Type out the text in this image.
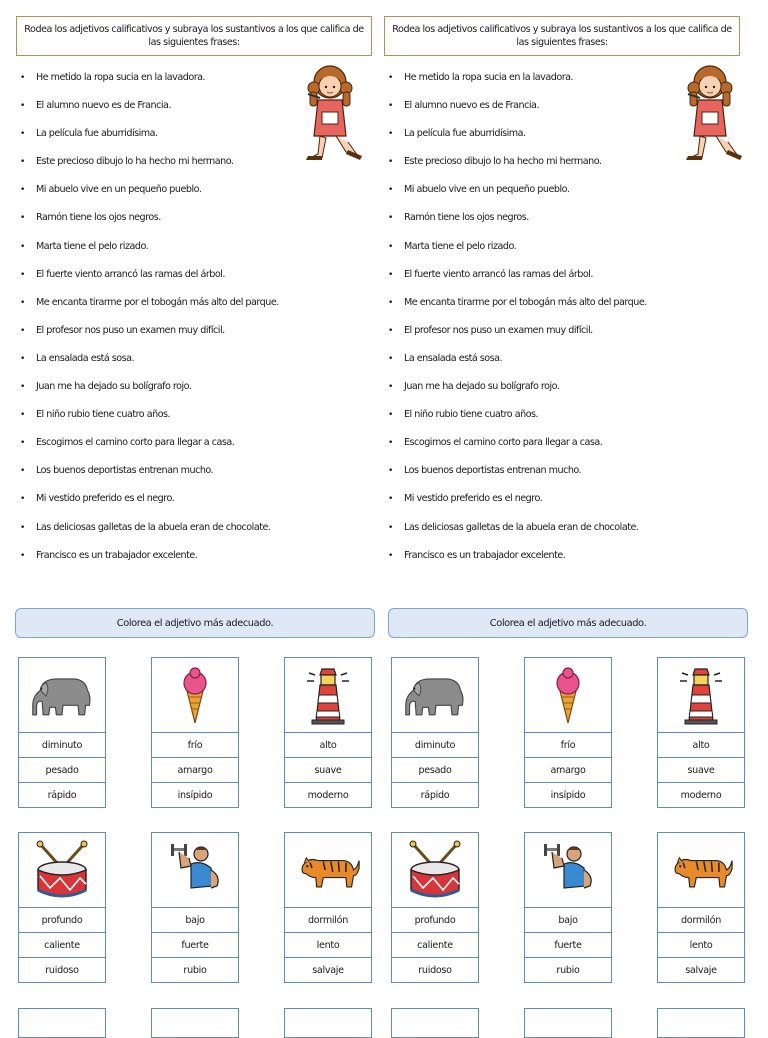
Rodea los adjetivos calificativos y subraya los sustantivos a los que califica de las siguientes frases:
•	He metido la ropa sucia en la lavadora.
•	El alumno nuevo es de Francia.
•	La película fue aburridísima.
•	Este precioso dibujo lo ha hecho mi hermano.
•	Mi abuelo vive en un pequeño pueblo.
•	Ramón tiene los ojos negros.
•	Marta tiene el pelo rizado.
•	El fuerte viento arrancó las ramas del árbol.
•	Me encanta tirarme por el tobogán más alto del parque.
•	El profesor nos puso un examen muy difícil.
•	La ensalada está sosa.
•	Juan me ha dejado su bolígrafo rojo.
•	El niño rubio tiene cuatro años.
•	Escogimos el camino corto para llegar a casa.
•	Los buenos deportistas entrenan mucho.
•	Mi vestido preferido es el negro.
•	Las deliciosas galletas de la abuela eran de chocolate.
•	Francisco es un trabajador excelente.
Colorea el adjetivo más adecuado.
diminuto
pesado
rápido
frío
amargo
insípido
alto
suave
moderno
profundo
caliente
ruidoso
bajo
fuerte
rubio
dormilón
lento
salvaje
Rodea los adjetivos calificativos y subraya los sustantivos a los que califica de las siguientes frases:
•	He metido la ropa sucia en la lavadora.
•	El alumno nuevo es de Francia.
•	La película fue aburridísima.
•	Este precioso dibujo lo ha hecho mi hermano.
•	Mi abuelo vive en un pequeño pueblo.
•	Ramón tiene los ojos negros.
•	Marta tiene el pelo rizado.
•	El fuerte viento arrancó las ramas del árbol.
•	Me encanta tirarme por el tobogán más alto del parque.
•	El profesor nos puso un examen muy difícil.
•	La ensalada está sosa.
•	Juan me ha dejado su bolígrafo rojo.
•	El niño rubio tiene cuatro años.
•	Escogimos el camino corto para llegar a casa.
•	Los buenos deportistas entrenan mucho.
•	Mi vestido preferido es el negro.
•	Las deliciosas galletas de la abuela eran de chocolate.
•	Francisco es un trabajador excelente.
Colorea el adjetivo más adecuado.
diminuto
pesado
rápido
frío
amargo
insípido
alto
suave
moderno
profundo
caliente
ruidoso
bajo
fuerte
rubio
dormilón
lento
salvaje
